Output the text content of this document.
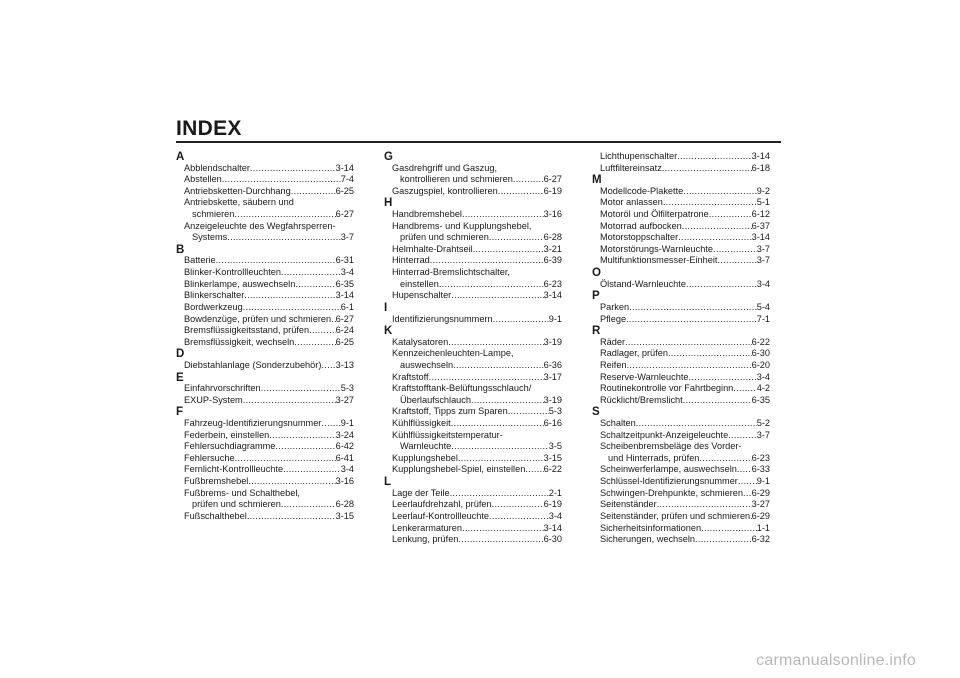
INDEX
A
Abblendschalter .....	3-14
Abstellen .....	7-4
Antriebsketten-Durchhang .....	6-25
Antriebskette, säubern und
schmieren .....	6-27
Anzeigeleuchte des Wegfahrsperren-
Systems .....	3-7
B
Batterie .....	6-31
Blinker-Kontrollleuchten .....	3-4
Blinkerlampe, auswechseln .....	6-35
Blinkerschalter .....	3-14
Bordwerkzeug .....	6-1
Bowdenzüge, prüfen und schmieren ..... 6-27
Bremsflüssigkeitsstand, prüfen .....	6-24
Bremsflüssigkeit, wechseln .....	6-25
D
Diebstahlanlage (Sonderzubehör) ..... 3-13
E
Einfahrvorschriften .....	5-3
EXUP-System .....	3-27
F
Fahrzeug-Identifizierungsnummer ..... 9-1
Federbein, einstellen .....	3-24
Fehlersuchdiagramme .....	6-42
Fehlersuche .....	6-41
Fernlicht-Kontrollleuchte .....	3-4
Fußbremshebel .....	3-16
Fußbrems- und Schalthebel,
prüfen und schmieren .....	6-28
Fußschalthebel .....	3-15
G
Gasdrehgriff und Gaszug,
kontrollieren und schmieren .....	6-27
Gaszugspiel, kontrollieren .....	6-19
H
Handbremshebel .....	3-16
Handbrems- und Kupplungshebel,
prüfen und schmieren .....	6-28
Helmhalte-Drahtseil .....	3-21
Hinterrad .....	6-39
Hinterrad-Bremslichtschalter,
einstellen .....	6-23
Hupenschalter .....	3-14
I
Identifizierungsnummern .....	9-1
K
Katalysatoren .....	3-19
Kennzeichenleuchten-Lampe,
auswechseln .....	6-36
Kraftstoff .....	3-17
Kraftstofftank-Belüftungsschlauch/
Überlaufschlauch .....	3-19
Kraftstoff, Tipps zum Sparen .....	5-3
Kühlflüssigkeit .....	6-16
Kühlflüssigkeitstemperatur-
Warnleuchte .....	3-5
Kupplungshebel .....	3-15
Kupplungshebel-Spiel, einstellen ..... 6-22
L
Lage der Teile .....	2-1
Leerlaufdrehzahl, prüfen .....	6-19
Leerlauf-Kontrollleuchte .....	3-4
Lenkerarmaturen .....	3-14
Lenkung, prüfen .....	6-30
Lichthupenschalter .....	3-14
Luftfiltereinsatz .....	6-18
M
Modellcode-Plakette .....	9-2
Motor anlassen .....	5-1
Motoröl und Ölfilterpatrone .....	6-12
Motorrad aufbocken .....	6-37
Motorstoppschalter .....	3-14
Motorstörungs-Warnleuchte .....	3-7
Multifunktionsmesser-Einheit .....	3-7
O
Ölstand-Warnleuchte .....	3-4
P
Parken .....	5-4
Pflege .....	7-1
R
Räder .....	6-22
Radlager, prüfen .....	6-30
Reifen .....	6-20
Reserve-Warnleuchte .....	3-4
Routinekontrolle vor Fahrtbeginn .....	4-2
Rücklicht/Bremslicht .....	6-35
S
Schalten .....	5-2
Schaltzeitpunkt-Anzeigeleuchte .....	3-7
Scheibenbremsbeläge des Vorder-
und Hinterrads, prüfen .....	6-23
Scheinwerferlampe, auswechseln ..... 6-33
Schlüssel-Identifizierungsnummer ..... 9-1
Schwingen-Drehpunkte, schmieren ..... 6-29
Seitenständer .....	3-27
Seitenständer, prüfen und schmieren ..... 6-29
Sicherheitsinformationen .....	1-1
Sicherungen, wechseln .....	6-32
carmanualsonline.info
